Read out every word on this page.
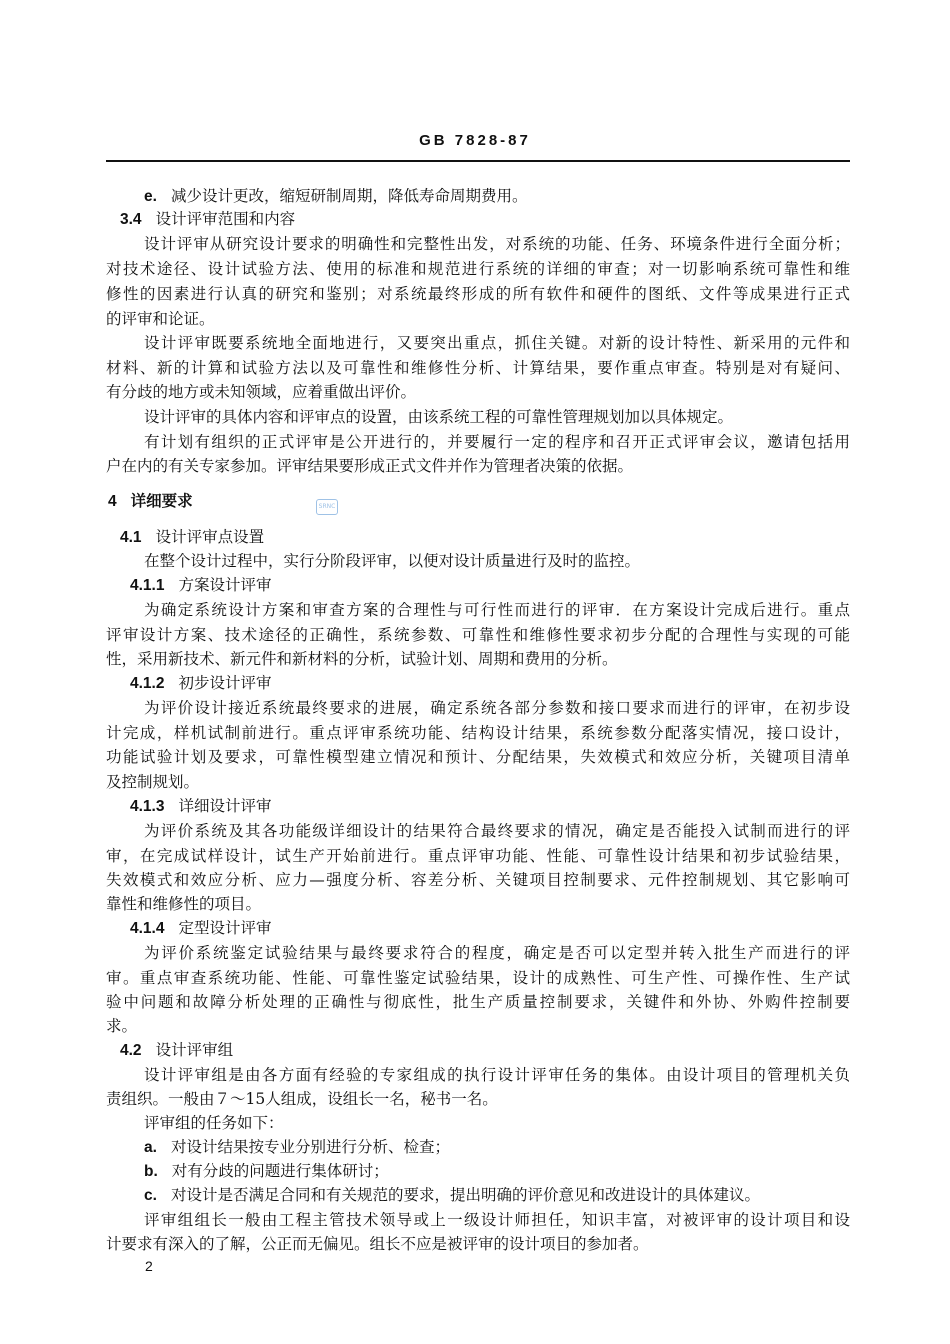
GB 7828-87
e. 减少设计更改，缩短研制周期，降低寿命周期费用。
3.4 设计评审范围和内容
设计评审从研究设计要求的明确性和完整性出发，对系统的功能、任务、环境条件进行全面分析；
对技术途径、设计试验方法、使用的标准和规范进行系统的详细的审查；对一切影响系统可靠性和维
修性的因素进行认真的研究和鉴别；对系统最终形成的所有软件和硬件的图纸、文件等成果进行正式
的评审和论证。
设计评审既要系统地全面地进行，又要突出重点，抓住关键。对新的设计特性、新采用的元件和
材料、新的计算和试验方法以及可靠性和维修性分析、计算结果，要作重点审查。特别是对有疑问、
有分歧的地方或未知领域，应着重做出评价。
设计评审的具体内容和评审点的设置，由该系统工程的可靠性管理规划加以具体规定。
有计划有组织的正式评审是公开进行的，并要履行一定的程序和召开正式评审会议，邀请包括用
户在内的有关专家参加。评审结果要形成正式文件并作为管理者决策的依据。
4 详细要求	SRNC
4.1 设计评审点设置
在整个设计过程中，实行分阶段评审，以便对设计质量进行及时的监控。
4.1.1 方案设计评审
为确定系统设计方案和审查方案的合理性与可行性而进行的评审．在方案设计完成后进行。重点
评审设计方案、技术途径的正确性，系统参数、可靠性和维修性要求初步分配的合理性与实现的可能
性，采用新技术、新元件和新材料的分析，试验计划、周期和费用的分析。
4.1.2 初步设计评审
为评价设计接近系统最终要求的进展，确定系统各部分参数和接口要求而进行的评审，在初步设
计完成，样机试制前进行。重点评审系统功能、结构设计结果，系统参数分配落实情况，接口设计，
功能试验计划及要求，可靠性模型建立情况和预计、分配结果，失效模式和效应分析，关键项目清单
及控制规划。
4.1.3 详细设计评审
为评价系统及其各功能级详细设计的结果符合最终要求的情况，确定是否能投入试制而进行的评
审，在完成试样设计，试生产开始前进行。重点评审功能、性能、可靠性设计结果和初步试验结果，
失效模式和效应分析、应力—强度分析、容差分析、关键项目控制要求、元件控制规划、其它影响可
靠性和维修性的项目。
4.1.4 定型设计评审
为评价系统鉴定试验结果与最终要求符合的程度，确定是否可以定型并转入批生产而进行的评
审。重点审查系统功能、性能、可靠性鉴定试验结果，设计的成熟性、可生产性、可操作性、生产试
验中问题和故障分析处理的正确性与彻底性，批生产质量控制要求，关键件和外协、外购件控制要
求。
4.2 设计评审组
设计评审组是由各方面有经验的专家组成的执行设计评审任务的集体。由设计项目的管理机关负
责组织。一般由７～15人组成，设组长一名，秘书一名。
评审组的任务如下：
a. 对设计结果按专业分别进行分析、检查；
b. 对有分歧的问题进行集体研讨；
c. 对设计是否满足合同和有关规范的要求，提出明确的评价意见和改进设计的具体建议。
评审组组长一般由工程主管技术领导或上一级设计师担任，知识丰富，对被评审的设计项目和设
计要求有深入的了解，公正而无偏见。组长不应是被评审的设计项目的参加者。
2
